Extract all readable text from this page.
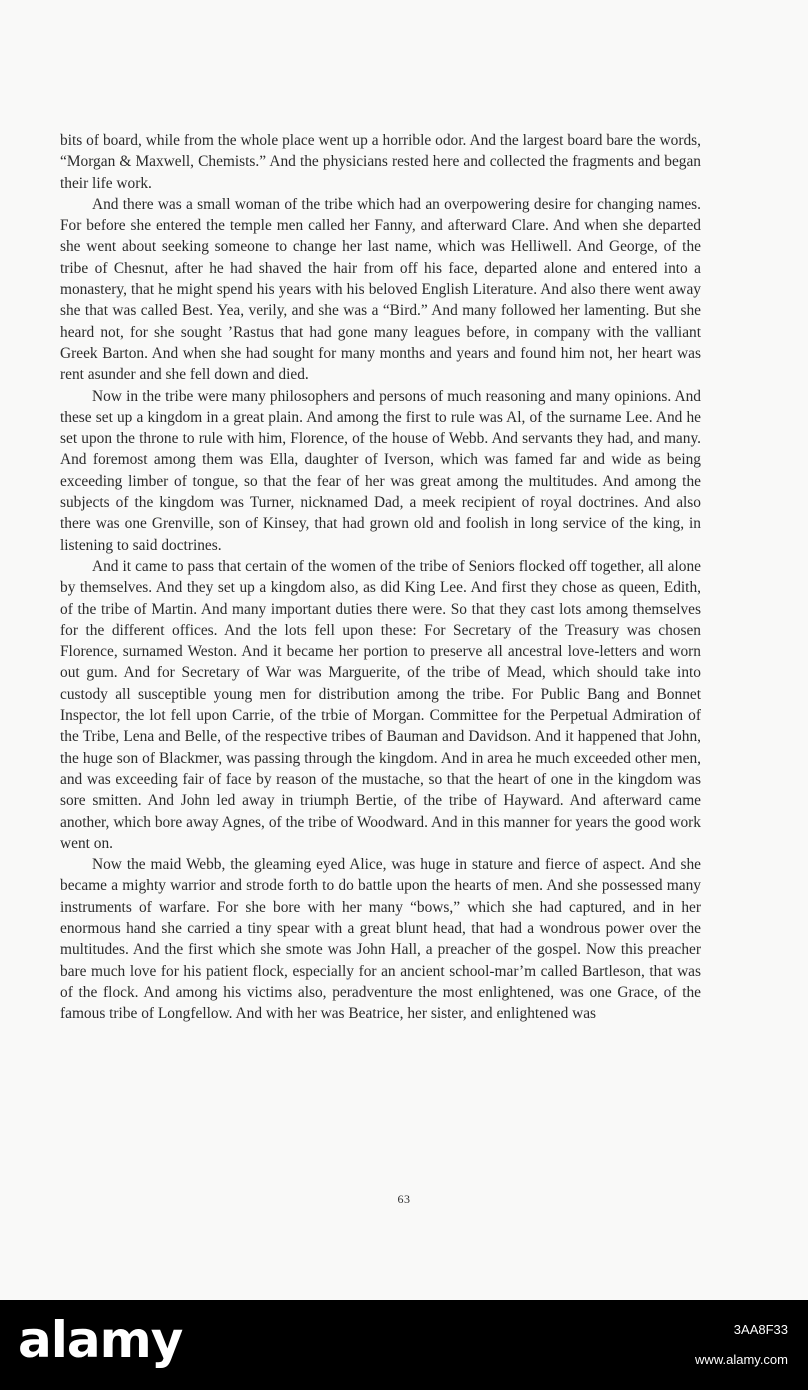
bits of board, while from the whole place went up a horrible odor. And the largest board bare the words, “Morgan & Maxwell, Chemists.” And the physicians rested here and collected the fragments and began their life work.

And there was a small woman of the tribe which had an overpowering desire for changing names. For before she entered the temple men called her Fanny, and afterward Clare. And when she departed she went about seeking someone to change her last name, which was Helliwell. And George, of the tribe of Chesnut, after he had shaved the hair from off his face, departed alone and entered into a monastery, that he might spend his years with his beloved English Literature. And also there went away she that was called Best. Yea, verily, and she was a “Bird.” And many followed her lamenting. But she heard not, for she sought ’Rastus that had gone many leagues before, in company with the valliant Greek Barton. And when she had sought for many months and years and found him not, her heart was rent asunder and she fell down and died.

Now in the tribe were many philosophers and persons of much reasoning and many opinions. And these set up a kingdom in a great plain. And among the first to rule was Al, of the surname Lee. And he set upon the throne to rule with him, Florence, of the house of Webb. And servants they had, and many. And foremost among them was Ella, daughter of Iverson, which was famed far and wide as being exceeding limber of tongue, so that the fear of her was great among the multitudes. And among the subjects of the kingdom was Turner, nicknamed Dad, a meek recipient of royal doctrines. And also there was one Grenville, son of Kinsey, that had grown old and foolish in long service of the king, in listening to said doctrines.

And it came to pass that certain of the women of the tribe of Seniors flocked off together, all alone by themselves. And they set up a kingdom also, as did King Lee. And first they chose as queen, Edith, of the tribe of Martin. And many important duties there were. So that they cast lots among themselves for the different offices. And the lots fell upon these: For Secretary of the Treasury was chosen Florence, surnamed Weston. And it became her portion to preserve all ancestral love-letters and worn out gum. And for Secretary of War was Marguerite, of the tribe of Mead, which should take into custody all susceptible young men for distribution among the tribe. For Public Bang and Bonnet Inspector, the lot fell upon Carrie, of the trbie of Morgan. Committee for the Perpetual Admiration of the Tribe, Lena and Belle, of the respective tribes of Bauman and Davidson. And it happened that John, the huge son of Blackmer, was passing through the kingdom. And in area he much exceeded other men, and was exceeding fair of face by reason of the mustache, so that the heart of one in the kingdom was sore smitten. And John led away in triumph Bertie, of the tribe of Hayward. And afterward came another, which bore away Agnes, of the tribe of Woodward. And in this manner for years the good work went on.

Now the maid Webb, the gleaming eyed Alice, was huge in stature and fierce of aspect. And she became a mighty warrior and strode forth to do battle upon the hearts of men. And she possessed many instruments of warfare. For she bore with her many “bows,” which she had captured, and in her enormous hand she carried a tiny spear with a great blunt head, that had a wondrous power over the multitudes. And the first which she smote was John Hall, a preacher of the gospel. Now this preacher bare much love for his patient flock, especially for an ancient school-mar’m called Bartleson, that was of the flock. And among his victims also, peradventure the most enlightened, was one Grace, of the famous tribe of Longfellow. And with her was Beatrice, her sister, and enlightened was

63
alamy	3AA8F33
www.alamy.com
